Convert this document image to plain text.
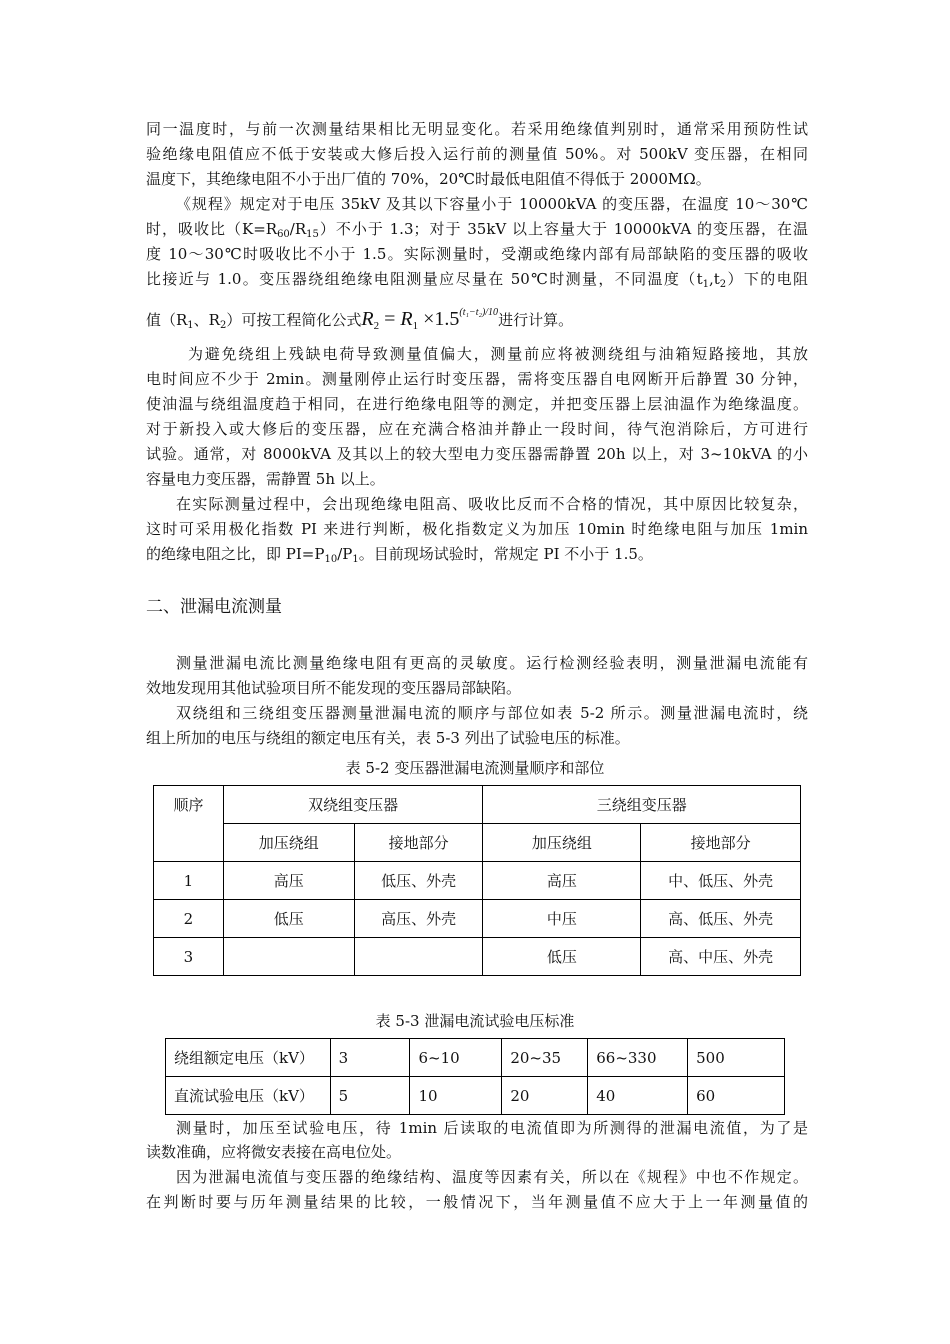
同一温度时，与前一次测量结果相比无明显变化。若采用绝缘值判别时，通常采用预防性试
验绝缘电阻值应不低于安装或大修后投入运行前的测量值 50%。对 500kV 变压器，在相同
温度下，其绝缘电阻不小于出厂值的 70%，20℃时最低电阻值不得低于 2000MΩ。
《规程》规定对于电压 35kV 及其以下容量小于 10000kVA 的变压器，在温度 10～30℃
时，吸收比$(K=R_{60}/R_{15})$不小于 1.3；对于 35kV 以上容量大于 10000kVA 的变压器，在温
度 10～30℃时吸收比不小于 1.5。实际测量时，受潮或绝缘内部有局部缺陷的变压器的吸收
比接近与 1.0。变压器绕组绝缘电阻测量应尽量在 50℃时测量，不同温度$(t_1,t_2)$下的电阻
值（$R_1$、$R_2$）可按工程简化公式$R_2 = R_1 \times 1.5^{(t_1-t_2)/10}$进行计算。
为避免绕组上残缺电荷导致测量值偏大，测量前应将被测绕组与油箱短路接地，其放
电时间应不少于 2min。测量刚停止运行时变压器，需将变压器自电网断开后静置 30 分钟，
使油温与绕组温度趋于相同，在进行绝缘电阻等的测定，并把变压器上层油温作为绝缘温度。
对于新投入或大修后的变压器，应在充满合格油并静止一段时间，待气泡消除后，方可进行
试验。通常，对 8000kVA 及其以上的较大型电力变压器需静置 20h 以上，对 3~10kVA 的小
容量电力变压器，需静置 5h 以上。
在实际测量过程中，会出现绝缘电阻高、吸收比反而不合格的情况，其中原因比较复杂，
这时可采用极化指数 PI 来进行判断，极化指数定义为加压 10min 时绝缘电阻与加压 1min
的绝缘电阻之比，即 $PI=P_{10}/P_1$。目前现场试验时，常规定 PI 不小于 1.5。
二、泄漏电流测量
测量泄漏电流比测量绝缘电阻有更高的灵敏度。运行检测经验表明，测量泄漏电流能有
效地发现用其他试验项目所不能发现的变压器局部缺陷。
双绕组和三绕组变压器测量泄漏电流的顺序与部位如表 5-2 所示。测量泄漏电流时，绕
组上所加的电压与绕组的额定电压有关，表 5-3 列出了试验电压的标准。
表 5-2 变压器泄漏电流测量顺序和部位
顺序	双绕组变压器		三绕组变压器	
	加压绕组	接地部分	加压绕组	接地部分
1	高压	低压、外壳	高压	中、低压、外壳
2	低压	高压、外壳	中压	高、低压、外壳
3			低压	高、中压、外壳
表 5-3 泄漏电流试验电压标准
绕组额定电压（kV）	3	6~10	20~35	66~330	500
直流试验电压（kV）	5	10	20	40	60
测量时，加压至试验电压，待 1min 后读取的电流值即为所测得的泄漏电流值，为了是
读数准确，应将微安表接在高电位处。
因为泄漏电流值与变压器的绝缘结构、温度等因素有关，所以在《规程》中也不作规定。
在判断时要与历年测量结果的比较，一般情况下，当年测量值不应大于上一年测量值的
